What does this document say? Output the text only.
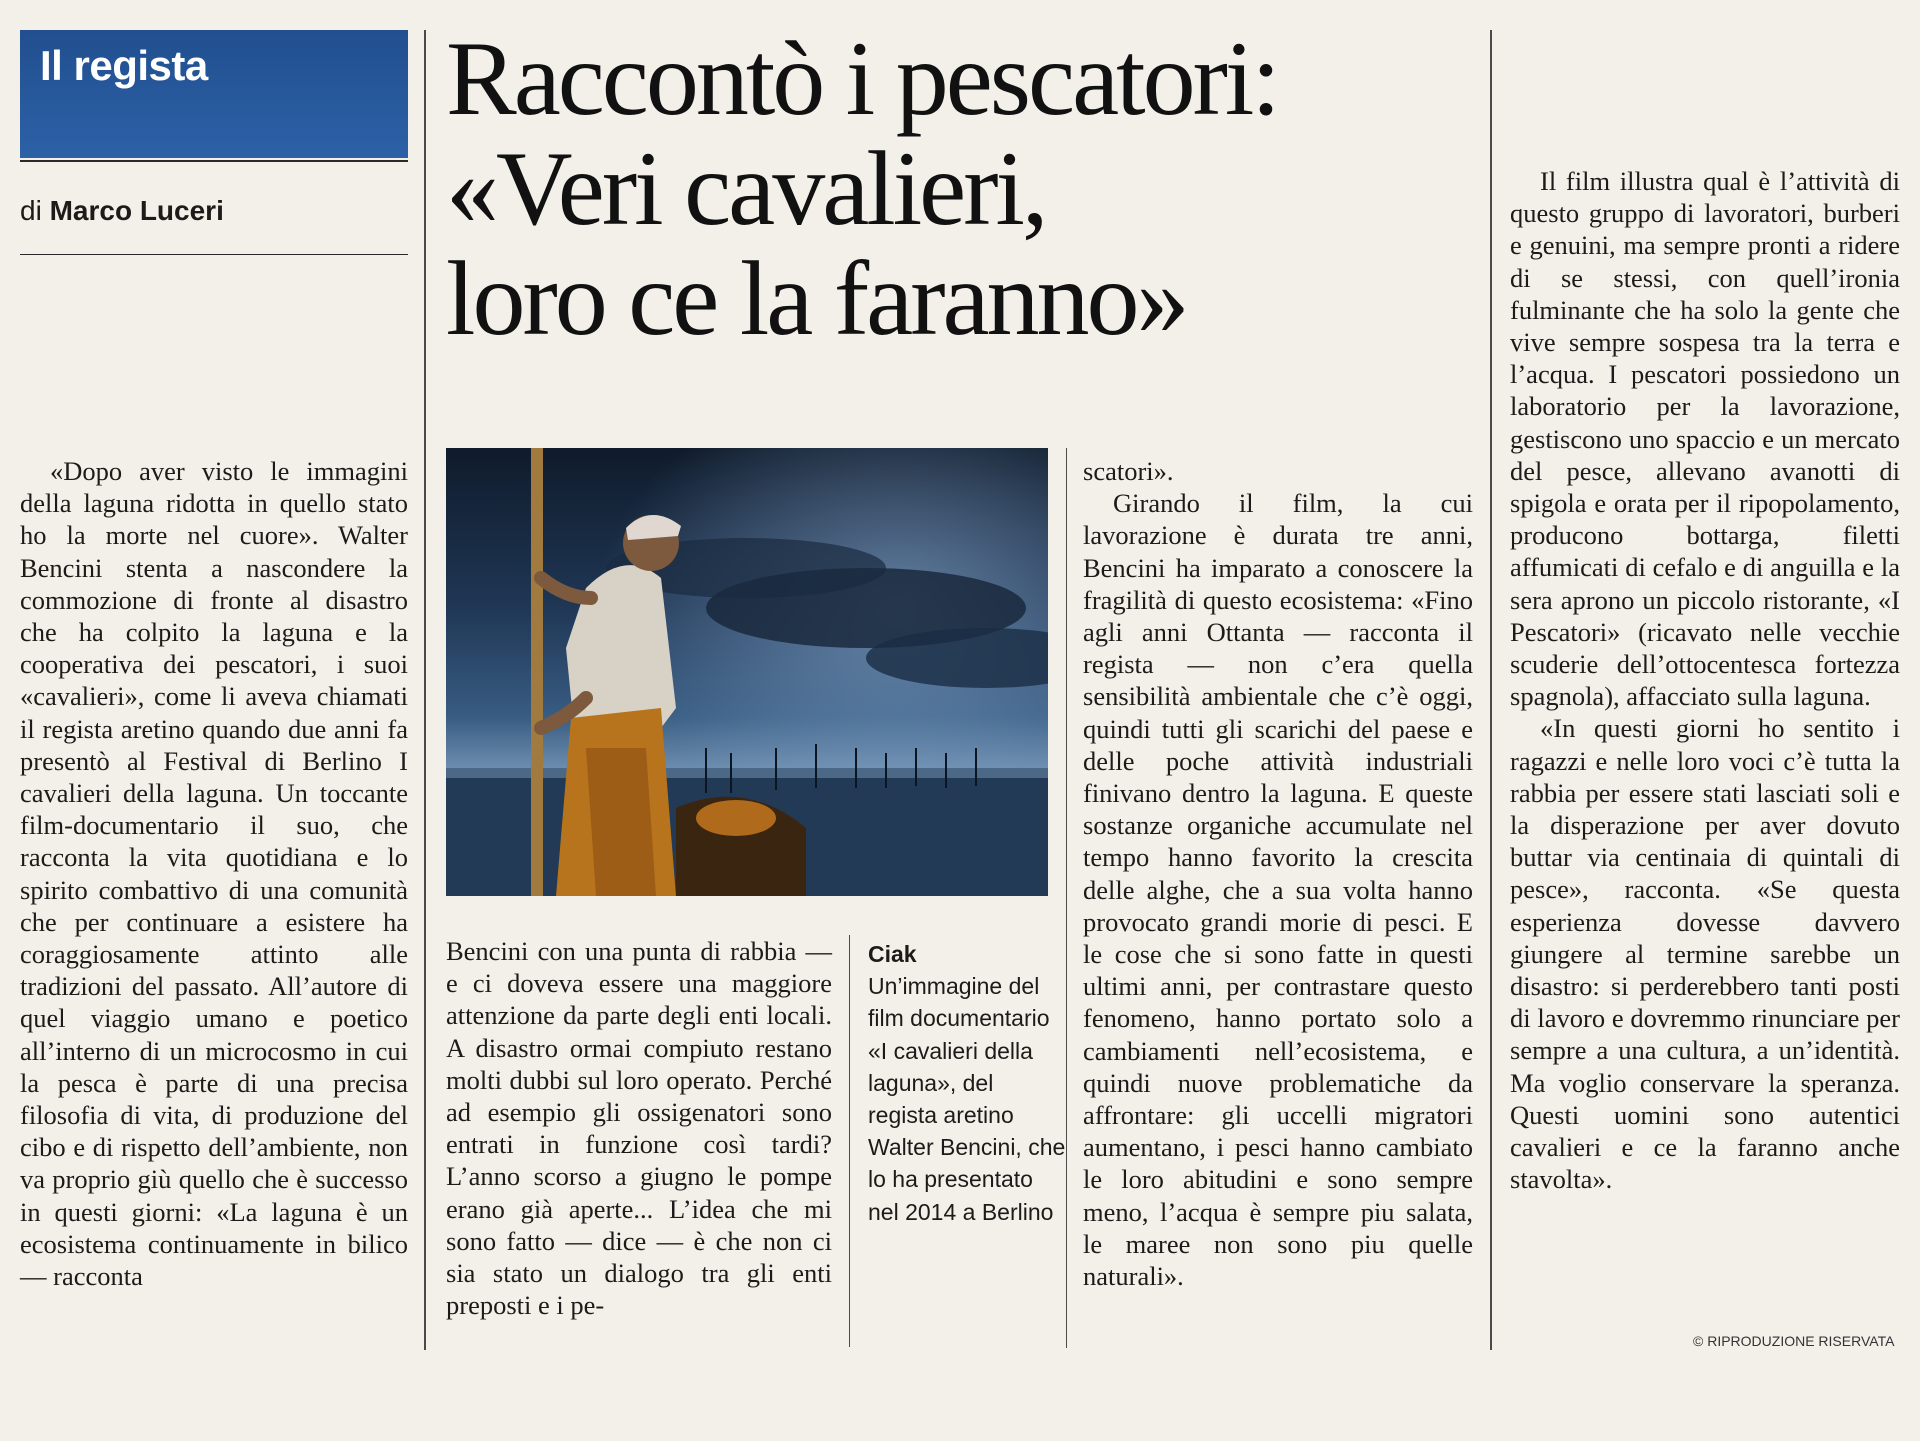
Il regista
di Marco Luceri
Raccontò i pescatori:
«Veri cavalieri,
loro ce la faranno»

«Dopo aver visto le immagini della laguna ridotta in quello stato ho la morte nel cuore». Walter Bencini stenta a nascondere la commozione di fronte al disastro che ha colpito la laguna e la cooperativa dei pescatori, i suoi «cavalieri», come li aveva chiamati il regista aretino quando due anni fa presentò al Festival di Berlino I cavalieri della laguna. Un toccante film-documentario il suo, che racconta la vita quotidiana e lo spirito combattivo di una comunità che per continuare a esistere ha coraggiosamente attinto alle tradizioni del passato. All’autore di quel viaggio umano e poetico all’interno di un microcosmo in cui la pesca è parte di una precisa filosofia di vita, di produzione del cibo e di rispetto dell’ambiente, non va proprio giù quello che è successo in questi giorni: «La laguna è un ecosistema continuamente in bilico — racconta

Bencini con una punta di rabbia — e ci doveva essere una maggiore attenzione da parte degli enti locali. A disastro ormai compiuto restano molti dubbi sul loro operato. Perché ad esempio gli ossigenatori sono entrati in funzione così tardi? L’anno scorso a giugno le pompe erano già aperte... L’idea che mi sono fatto — dice — è che non ci sia stato un dialogo tra gli enti preposti e i pe-

Ciak
Un’immagine del film documentario «I cavalieri della laguna», del regista aretino Walter Bencini, che lo ha presentato nel 2014 a Berlino

scatori».

Girando il film, la cui lavorazione è durata tre anni, Bencini ha imparato a conoscere la fragilità di questo ecosistema: «Fino agli anni Ottanta — racconta il regista — non c’era quella sensibilità ambientale che c’è oggi, quindi tutti gli scarichi del paese e delle poche attività industriali finivano dentro la laguna. E queste sostanze organiche accumulate nel tempo hanno favorito la crescita delle alghe, che a sua volta hanno provocato grandi morie di pesci. E le cose che si sono fatte in questi ultimi anni, per contrastare questo fenomeno, hanno portato solo a cambiamenti nell’ecosistema, e quindi nuove problematiche da affrontare: gli uccelli migratori aumentano, i pesci hanno cambiato le loro abitudini e sono sempre meno, l’acqua è sempre piu salata, le maree non sono piu quelle naturali».

Il film illustra qual è l’attività di questo gruppo di lavoratori, burberi e genuini, ma sempre pronti a ridere di se stessi, con quell’ironia fulminante che ha solo la gente che vive sempre sospesa tra la terra e l’acqua. I pescatori possiedono un laboratorio per la lavorazione, gestiscono uno spaccio e un mercato del pesce, allevano avanotti di spigola e orata per il ripopolamento, producono bottarga, filetti affumicati di cefalo e di anguilla e la sera aprono un piccolo ristorante, «I Pescatori» (ricavato nelle vecchie scuderie dell’ottocentesca fortezza spagnola), affacciato sulla laguna.

«In questi giorni ho sentito i ragazzi e nelle loro voci c’è tutta la rabbia per essere stati lasciati soli e la disperazione per aver dovuto buttar via centinaia di quintali di pesce», racconta. «Se questa esperienza dovesse davvero giungere al termine sarebbe un disastro: si perderebbero tanti posti di lavoro e dovremmo rinunciare per sempre a una cultura, a un’identità. Ma voglio conservare la speranza. Questi uomini sono autentici cavalieri e ce la faranno anche stavolta».

© RIPRODUZIONE RISERVATA
